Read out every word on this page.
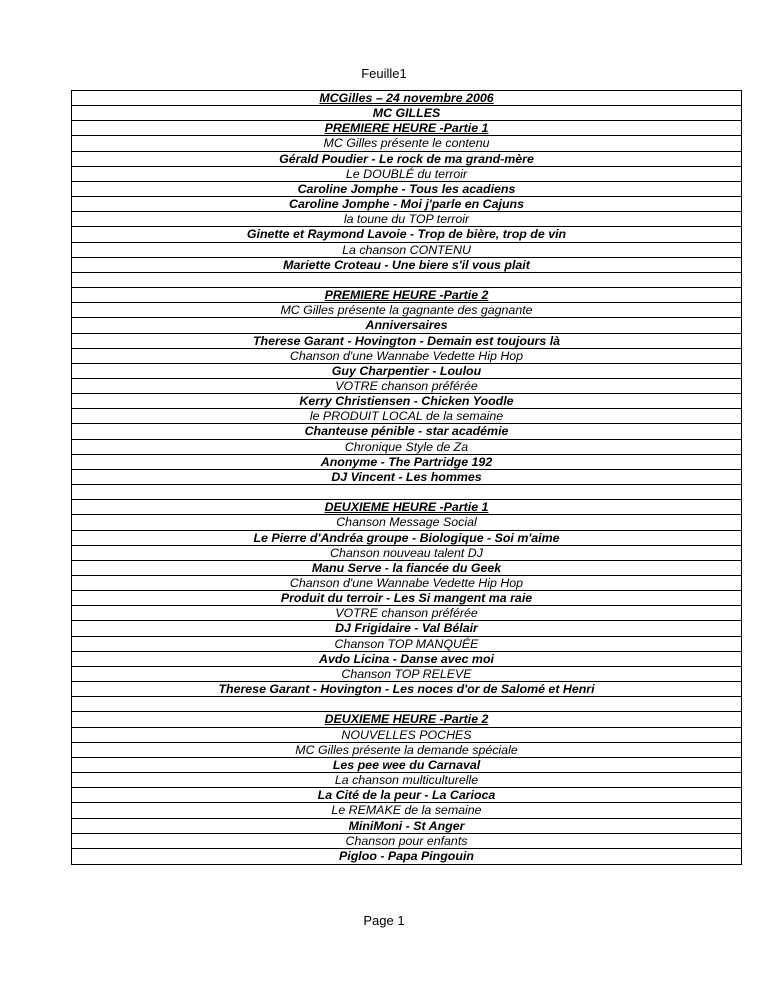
Feuille1
MCGilles – 24 novembre 2006
MC GILLES
PREMIERE HEURE -Partie 1
MC Gilles présente le contenu
Gérald Poudier - Le rock de ma grand-mère
Le DOUBLÉ du terroir
Caroline Jomphe - Tous les acadiens
Caroline Jomphe - Moi j'parle en Cajuns
la toune du TOP terroir
Ginette et Raymond Lavoie - Trop de bière, trop de vin
La chanson CONTENU
Mariette Croteau - Une biere s'il vous plait
PREMIERE HEURE -Partie 2
MC Gilles présente la gagnante des gagnante
Anniversaires
Therese Garant - Hovington - Demain est toujours là
Chanson d'une Wannabe Vedette Hip Hop
Guy Charpentier - Loulou
VOTRE chanson préférée
Kerry Christiensen - Chicken Yoodle
le PRODUIT LOCAL de la semaine
Chanteuse pénible - star académie
Chronique Style de Za
Anonyme - The Partridge 192
DJ Vincent - Les hommes
DEUXIEME HEURE -Partie 1
Chanson Message Social
Le Pierre d'Andréa groupe - Biologique - Soi m'aime
Chanson nouveau talent DJ
Manu Serve - la fiancée du Geek
Chanson d'une Wannabe Vedette Hip Hop
Produit du terroir - Les Si mangent ma raie
VOTRE chanson préférée
DJ Frigidaire - Val Bélair
Chanson TOP MANQUÉE
Avdo Licina - Danse avec moi
Chanson TOP RELEVE
Therese Garant - Hovington - Les noces d'or de Salomé et Henri
DEUXIEME HEURE -Partie 2
NOUVELLES POCHES
MC Gilles présente la demande spéciale
Les pee wee du Carnaval
La chanson multiculturelle
La Cité de la peur - La Carioca
Le REMAKE de la semaine
MiniMoni - St Anger
Chanson pour enfants
Pigloo - Papa Pingouin
Page 1
